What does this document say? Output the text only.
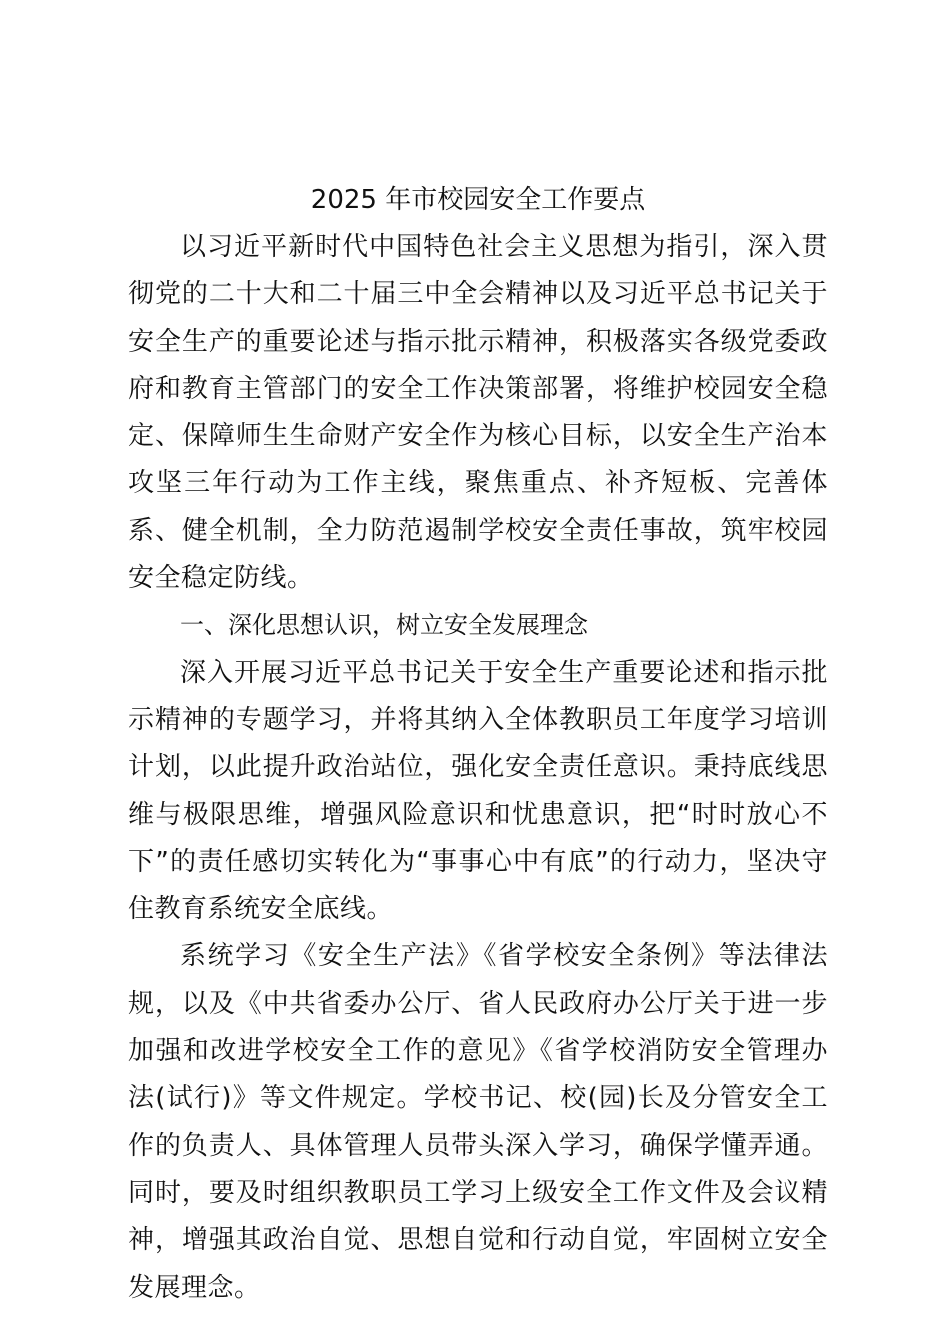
2025 年市校园安全工作要点

以习近平新时代中国特色社会主义思想为指引，深入贯彻党的二十大和二十届三中全会精神以及习近平总书记关于安全生产的重要论述与指示批示精神，积极落实各级党委政府和教育主管部门的安全工作决策部署，将维护校园安全稳定、保障师生生命财产安全作为核心目标，以安全生产治本攻坚三年行动为工作主线，聚焦重点、补齐短板、完善体系、健全机制，全力防范遏制学校安全责任事故，筑牢校园安全稳定防线。

一、深化思想认识，树立安全发展理念

深入开展习近平总书记关于安全生产重要论述和指示批示精神的专题学习，并将其纳入全体教职员工年度学习培训计划，以此提升政治站位，强化安全责任意识。秉持底线思维与极限思维，增强风险意识和忧患意识，把“时时放心不下”的责任感切实转化为“事事心中有底”的行动力，坚决守住教育系统安全底线。

系统学习《安全生产法》《省学校安全条例》等法律法规，以及《中共省委办公厅、省人民政府办公厅关于进一步加强和改进学校安全工作的意见》《省学校消防安全管理办法(试行)》等文件规定。学校书记、校(园)长及分管安全工作的负责人、具体管理人员带头深入学习，确保学懂弄通。同时，要及时组织教职员工学习上级安全工作文件及会议精神，增强其政治自觉、思想自觉和行动自觉，牢固树立安全发展理念。
